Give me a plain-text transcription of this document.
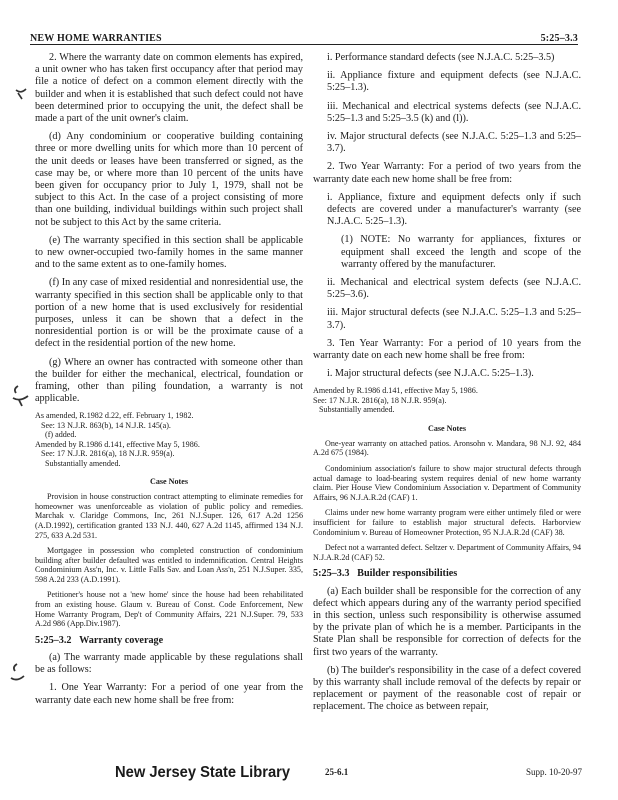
NEW HOME WARRANTIES	5:25–3.3

2. Where the warranty date on common elements has expired, a unit owner who has taken first occupancy after that period may file a notice of defect on a common element directly with the builder and when it is established that such defect could not have been determined prior to occupying the unit, the defect shall be made a part of the unit owner's claim.

(d) Any condominium or cooperative building containing three or more dwelling units for which more than 10 percent of the unit deeds or leases have been transferred or signed, as the case may be, or where more than 10 percent of the units have been given for occupancy prior to July 1, 1979, shall not be subject to this Act. In the case of a project consisting of more than one building, individual buildings within such project shall not be subject to this Act by the same criteria.

(e) The warranty specified in this section shall be applicable to new owner-occupied two-family homes in the same manner and to the same extent as to one-family homes.

(f) In any case of mixed residential and nonresidential use, the warranty specified in this section shall be applicable only to that portion of a new home that is used exclusively for residential purposes, unless it can be shown that a defect in the nonresidential portion is or will be the proximate cause of a defect in the residential portion of the new home.

(g) Where an owner has contracted with someone other than the builder for either the mechanical, electrical, foundation or framing, other than piling foundation, a warranty is not applicable.

As amended, R.1982 d.22, eff. February 1, 1982.
See: 13 N.J.R. 863(b), 14 N.J.R. 145(a).
(f) added.
Amended by R.1986 d.141, effective May 5, 1986.
See: 17 N.J.R. 2816(a), 18 N.J.R. 959(a).
Substantially amended.
Case Notes

Provision in house construction contract attempting to eliminate remedies for homeowner was unenforceable as violation of public policy and remedies. Marchak v. Claridge Commons, Inc, 261 N.J.Super. 126, 617 A.2d 1256 (A.D.1992), certification granted 133 N.J. 440, 627 A.2d 1145, affirmed 134 N.J. 275, 633 A.2d 531.

Mortgagee in possession who completed construction of condominium building after builder defaulted was entitled to indemnification. Central Heights Condominium Ass'n, Inc. v. Little Falls Sav. and Loan Ass'n, 251 N.J.Super. 335, 598 A.2d 233 (A.D.1991).

Petitioner's house not a 'new home' since the house had been rehabilitated from an existing house. Glaum v. Bureau of Const. Code Enforcement, New Home Warranty Program, Dep't of Community Affairs, 221 N.J.Super. 79, 533 A.2d 986 (App.Div.1987).

5:25–3.2 Warranty coverage

(a) The warranty made applicable by these regulations shall be as follows:

1. One Year Warranty: For a period of one year from the warranty date each new home shall be free from:

i. Performance standard defects (see N.J.A.C. 5:25–3.5)

ii. Appliance fixture and equipment defects (see N.J.A.C. 5:25–1.3).

iii. Mechanical and electrical systems defects (see N.J.A.C. 5:25–1.3 and 5:25–3.5 (k) and (l)).

iv. Major structural defects (see N.J.A.C. 5:25–1.3 and 5:25–3.7).

2. Two Year Warranty: For a period of two years from the warranty date each new home shall be free from:

i. Appliance, fixture and equipment defects only if such defects are covered under a manufacturer's warranty (see N.J.A.C. 5:25–1.3).

(1) NOTE: No warranty for appliances, fixtures or equipment shall exceed the length and scope of the warranty offered by the manufacturer.

ii. Mechanical and electrical system defects (see N.J.A.C. 5:25–3.6).

iii. Major structural defects (see N.J.A.C. 5:25–1.3 and 5:25–3.7).

3. Ten Year Warranty: For a period of 10 years from the warranty date on each new home shall be free from:

i. Major structural defects (see N.J.A.C. 5:25–1.3).

Amended by R.1986 d.141, effective May 5, 1986.
See: 17 N.J.R. 2816(a), 18 N.J.R. 959(a).
Substantially amended.
Case Notes

One-year warranty on attached patios. Aronsohn v. Mandara, 98 N.J. 92, 484 A.2d 675 (1984).

Condominium association's failure to show major structural defects through actual damage to load-bearing system requires denial of new home warranty claim. Pier House View Condominium Association v. Department of Community Affairs, 96 N.J.A.R.2d (CAF) 1.

Claims under new home warranty program were either untimely filed or were insufficient for failure to establish major structural defects. Harborview Condominium v. Bureau of Homeowner Protection, 95 N.J.A.R.2d (CAF) 38.

Defect not a warranted defect. Seltzer v. Department of Community Affairs, 94 N.J.A.R.2d (CAF) 52.

5:25–3.3 Builder responsibilities

(a) Each builder shall be responsible for the correction of any defect which appears during any of the warranty period specified in this section, unless such responsibility is otherwise assumed by the private plan of which he is a member. Participants in the State Plan shall be responsible for correction of defects for the first two years of the warranty.

(b) The builder's responsibility in the case of a defect covered by this warranty shall include removal of the defects by repair or replacement or payment of the reasonable cost of repair or replacement. The choice as between repair,

New Jersey State Library	25-6.1	Supp. 10-20-97
